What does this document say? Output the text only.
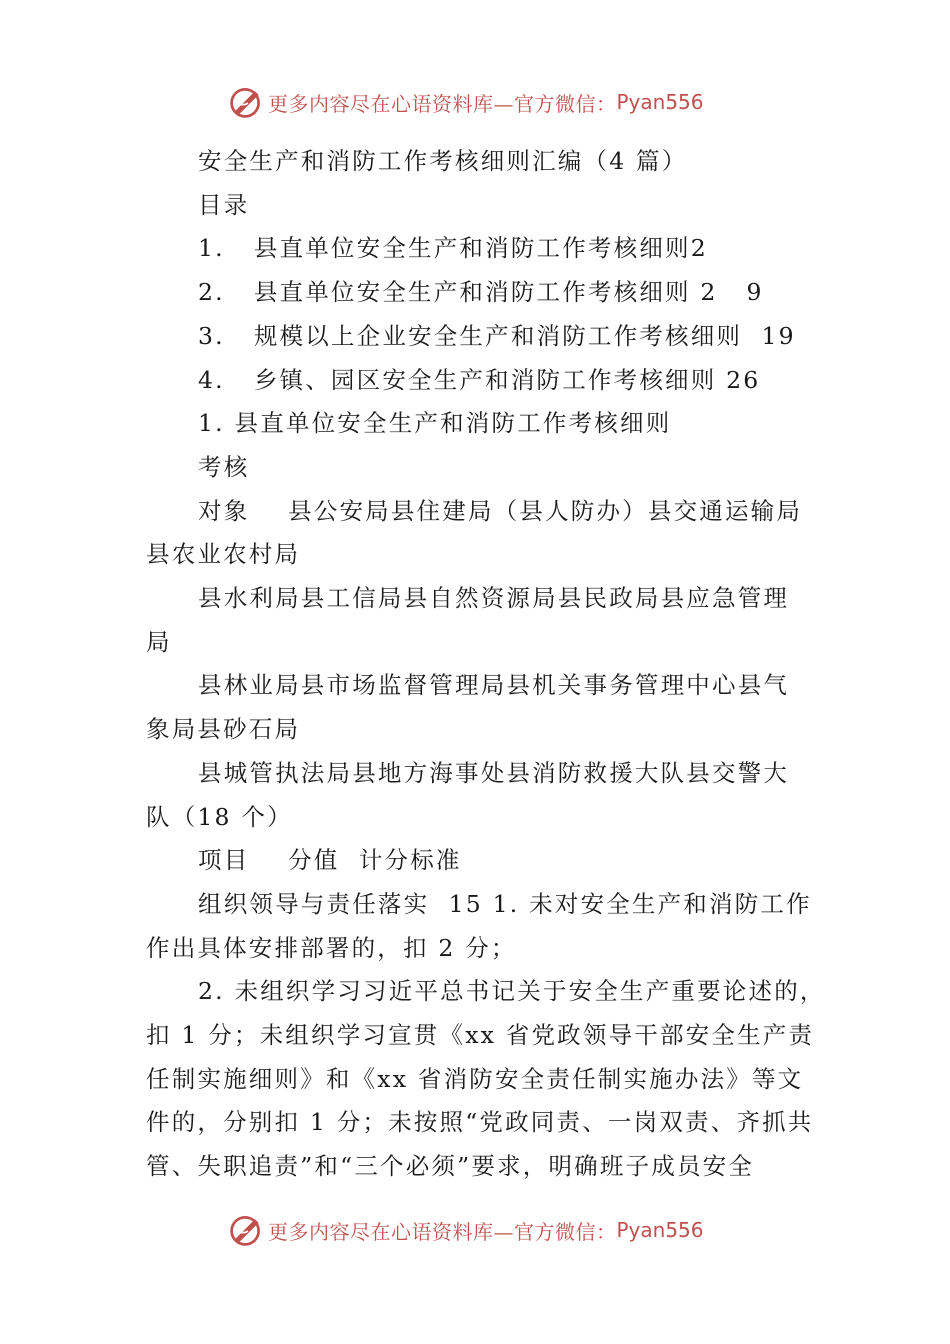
更多内容尽在心语资料库—官方微信： Pyan556

安全生产和消防工作考核细则汇编（4 篇）

目录

1.   县直单位安全生产和消防工作考核细则2

2.   县直单位安全生产和消防工作考核细则 2   9

3.   规模以上企业安全生产和消防工作考核细则  19

4.   乡镇、园区安全生产和消防工作考核细则 26

1. 县直单位安全生产和消防工作考核细则

考核

对象    县公安局县住建局（县人防办）县交通运输局

县农业农村局

县水利局县工信局县自然资源局县民政局县应急管理

局

县林业局县市场监督管理局县机关事务管理中心县气

象局县砂石局

县城管执法局县地方海事处县消防救援大队县交警大

队（18 个）

项目    分值  计分标准

组织领导与责任落实  15 1. 未对安全生产和消防工作

作出具体安排部署的，扣 2 分；

2. 未组织学习习近平总书记关于安全生产重要论述的，

扣 1 分；未组织学习宣贯《xx 省党政领导干部安全生产责

任制实施细则》和《xx 省消防安全责任制实施办法》等文

件的，分别扣 1 分；未按照“党政同责、一岗双责、齐抓共

管、失职追责”和“三个必须”要求，明确班子成员安全

更多内容尽在心语资料库—官方微信： Pyan556
